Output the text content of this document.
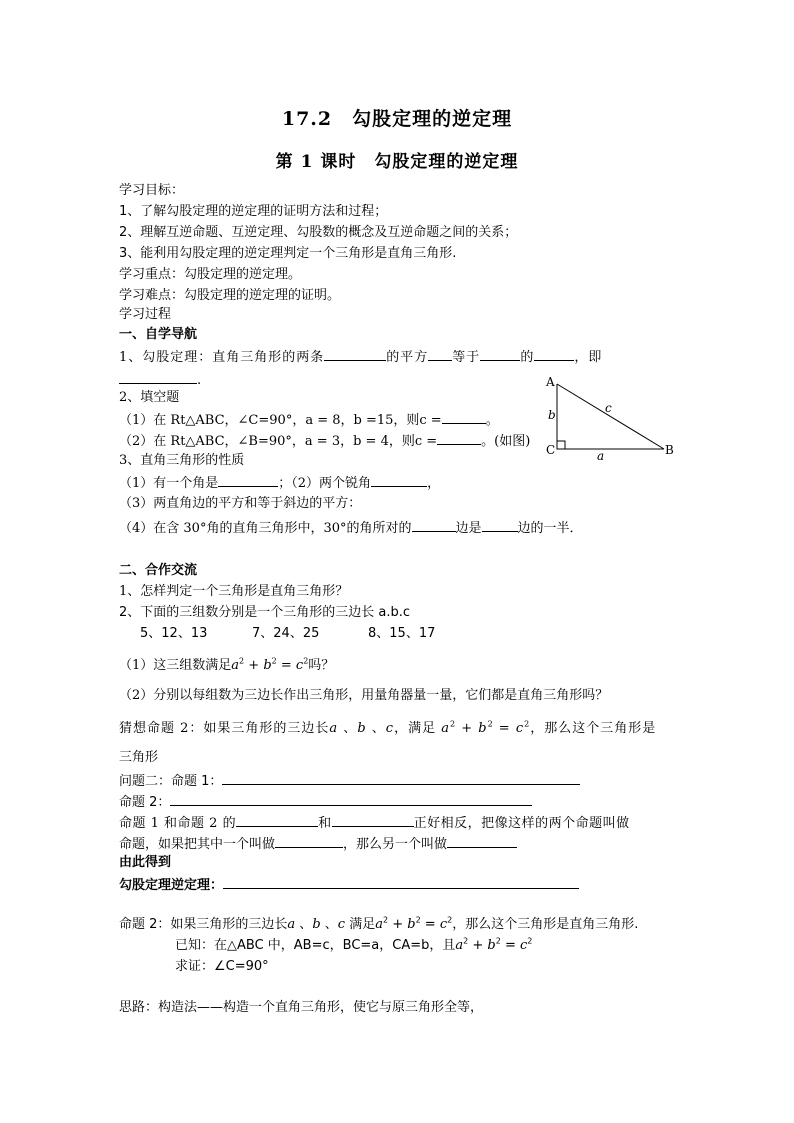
17.2　勾股定理的逆定理
第 1 课时　勾股定理的逆定理
学习目标：
1、了解勾股定理的逆定理的证明方法和过程；
2、理解互逆命题、互逆定理、勾股数的概念及互逆命题之间的关系；
3、能利用勾股定理的逆定理判定一个三角形是直角三角形.
学习重点：勾股定理的逆定理。
学习难点：勾股定理的逆定理的证明。
学习过程
一、自学导航
1、勾股定理：直角三角形的两条	的平方 等于	的	，即
.
2、填空题
（1）在 Rt△ABC，∠C=90°，a = 8，b =15，则c =	。
（2）在 Rt△ABC，∠B=90°，a = 3，b = 4，则c =	。(如图)
3、直角三角形的性质
（1）有一个角是	；（2）两个锐角	，
（3）两直角边的平方和等于斜边的平方：
（4）在含 30°角的直角三角形中，30°的角所对的	边是	边的一半．
A
B
C
b	c
a
二、合作交流
1、怎样判定一个三角形是直角三角形？
2、下面的三组数分别是一个三角形的三边长 a.b.c
5、12、13	7、24、25	8、15、17
（1）这三组数满足$a^2 + b^2 = c^2$吗？
（2）分别以每组数为三边长作出三角形，用量角器量一量，它们都是直角三角形吗？
猜想命题 2：如果三角形的三边长a 、b 、c，满足 $a^2 + b^2 = c^2$，那么这个三角形是
三角形
问题二：命题 1：
命题 2：
命题 1 和命题 2 的	和	正好相反，把像这样的两个命题叫做
命题，如果把其中一个叫做	，那么另一个叫做
由此得到
勾股定理逆定理：
命题 2：如果三角形的三边长a 、b 、c 满足$a^2 + b^2 = c^2$，那么这个三角形是直角三角形.
已知：在△ABC 中，AB=c，BC=a，CA=b，且$a^2 + b^2 = c^2$
求证：∠C=90°
思路：构造法——构造一个直角三角形，使它与原三角形全等，
